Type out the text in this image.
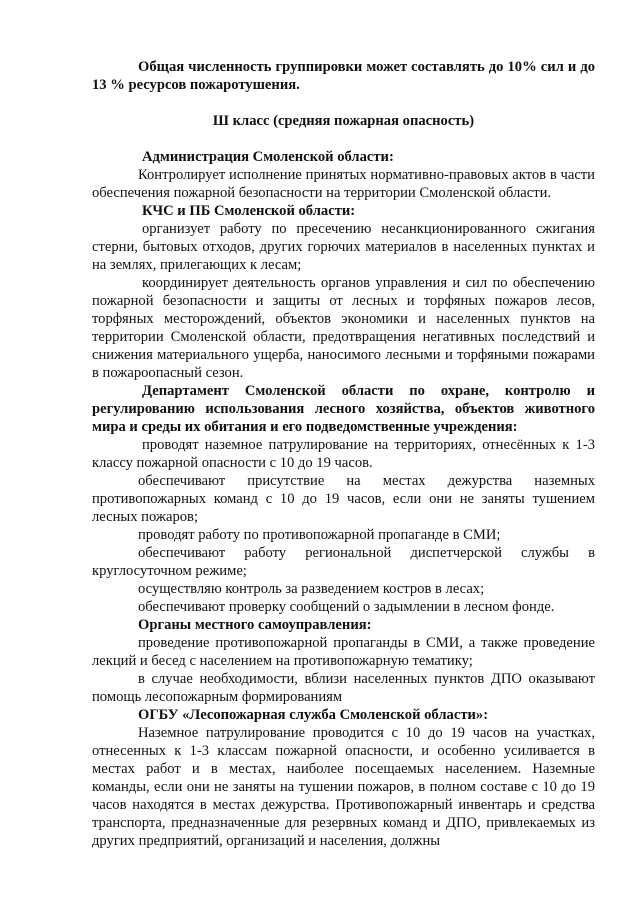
Общая численность группировки может составлять до 10% сил и до 13 % ресурсов пожаротушения.

Ш класс (средняя пожарная опасность)

Администрация Смоленской области:

Контролирует исполнение принятых нормативно-правовых актов в части обеспечения пожарной безопасности на территории Смоленской области.

КЧС и ПБ Смоленской области:

организует работу по пресечению несанкционированного сжигания стерни, бытовых отходов, других горючих материалов в населенных пунктах и на землях, прилегающих к лесам;

координирует деятельность органов управления и сил по обеспечению пожарной безопасности и защиты от лесных и торфяных пожаров лесов, торфяных месторождений, объектов экономики и населенных пунктов на территории Смоленской области, предотвращения негативных последствий и снижения материального ущерба, наносимого лесными и торфяными пожарами в пожароопасный сезон.

Департамент Смоленской области по охране, контролю и регулированию использования лесного хозяйства, объектов животного мира и среды их обитания и его подведомственные учреждения:

проводят наземное патрулирование на территориях, отнесённых к 1-3 классу пожарной опасности с 10 до 19 часов.

обеспечивают присутствие на местах дежурства наземных противопожарных команд с 10 до 19 часов, если они не заняты тушением лесных пожаров;

проводят работу по противопожарной пропаганде в СМИ;

обеспечивают работу региональной диспетчерской службы в круглосуточном режиме;

осуществляю контроль за разведением костров в лесах;

обеспечивают проверку сообщений о задымлении в лесном фонде.

Органы местного самоуправления:

проведение противопожарной пропаганды в СМИ, а также проведение лекций и бесед с населением на противопожарную тематику;

в случае необходимости, вблизи населенных пунктов ДПО оказывают помощь лесопожарным формированиям

ОГБУ «Лесопожарная служба Смоленской области»:

Наземное патрулирование проводится с 10 до 19 часов на участках, отнесенных к 1-3 классам пожарной опасности, и особенно усиливается в местах работ и в местах, наиболее посещаемых населением. Наземные команды, если они не заняты на тушении пожаров, в полном составе с 10 до 19 часов находятся в местах дежурства. Противопожарный инвентарь и средства транспорта, предназначенные для резервных команд и ДПО, привлекаемых из других предприятий, организаций и населения, должны
